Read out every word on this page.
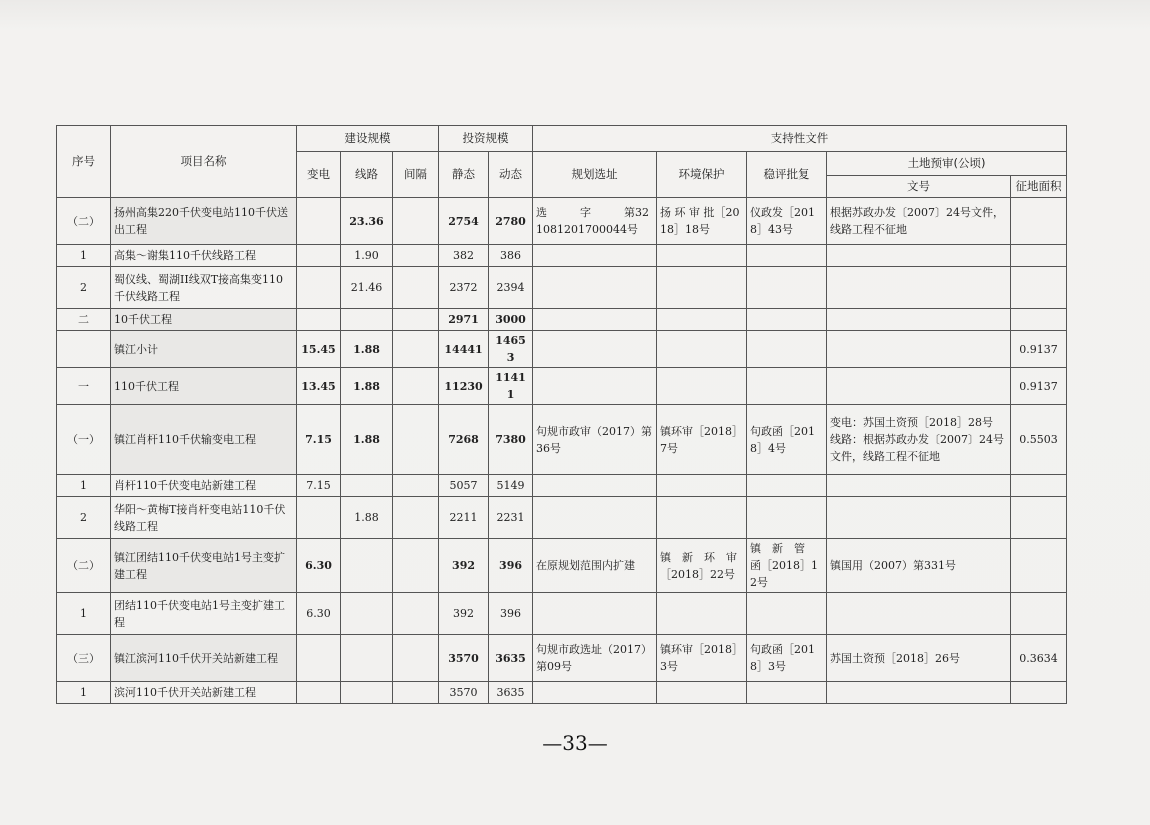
序号	项目名称	建设规模			投资规模		支持性文件				
		变电	线路	间隔	静态	动态	规划选址	环境保护	稳评批复	土地预审(公顷)	
										文号	征地面积
（二）	扬州高集220千伏变电站110千伏送出工程		23.36		2754	2780	选　　　字　　　第321081201700044号	扬 环 审 批［2018］18号	仪政发［2018］43号	根据苏政办发〔2007〕24号文件，线路工程不征地	
1	高集～谢集110千伏线路工程		1.90		382	386					
2	蜀仪线、蜀湖II线双T接高集变110千伏线路工程		21.46		2372	2394					
二	10千伏工程				2971	3000					
	镇江小计	15.45	1.88		14441	14653					0.9137
一	110千伏工程	13.45	1.88		11230	11411					0.9137
（一）	镇江肖杆110千伏输变电工程	7.15	1.88		7268	7380	句规市政审（2017）第36号	镇环审［2018］7号	句政函［2018］4号	变电：苏国土资预［2018］28号 线路：根据苏政办发〔2007〕24号文件，线路工程不征地	0.5503
1	肖杆110千伏变电站新建工程	7.15			5057	5149					
2	华阳～黄梅T接肖杆变电站110千伏线路工程		1.88		2211	2231					
（二）	镇江团结110千伏变电站1号主变扩建工程	6.30			392	396	在原规划范围内扩建	镇　新　环　审［2018］22号	镇　新　管　函［2018］12号	镇国用（2007）第331号	
1	团结110千伏变电站1号主变扩建工程	6.30			392	396					
（三）	镇江滨河110千伏开关站新建工程				3570	3635	句规市政选址（2017）第09号	镇环审［2018］3号	句政函［2018］3号	苏国土资预［2018］26号	0.3634
1	滨河110千伏开关站新建工程				3570	3635					
—33—
